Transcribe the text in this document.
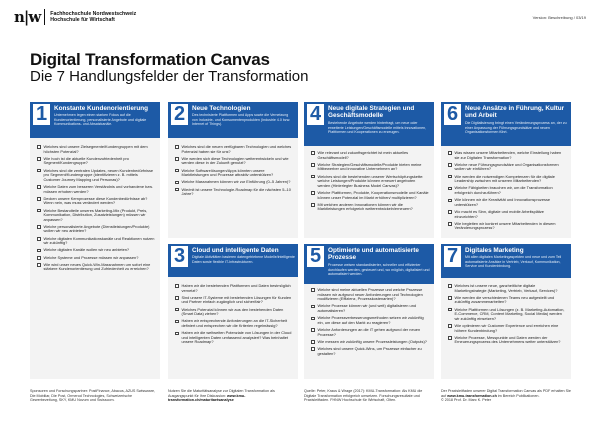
n|w Fachhochschule Nordwestschweiz
Hochschule für Wirtschaft	Version: Beschreibung / 03/19
Digital Transformation Canvas
Die 7 Handlungsfelder der Transformation
1	Konstante Kundenorientierung
Unternehmen legen einen starken Fokus auf die Kundenorientierung, personalisierte Angebote und digitale Kommunikations- und Absatzkanäle.
Welches sind unsere Zielsegmente/Kundengruppen mit dem höchsten Potenzial?
Wie hoch ist die aktuelle Kundenzufriedenheit pro Segment/Kundengruppe?
Welches sind die zentralen Updates, neuen Kundenbedürfnisse pro Segment/Kundengruppe (identifizieren z. B. mittels Customer Journey Mapping und Personas)?
Welche Daten zum besseren Verständnis und vorhandene bzw. müssen erhoben werden?
Decken unsere Kernprozesse diese Kundenbedürfnisse ab? Wenn nein, was muss verändert werden?
Welche Bestandteile unseres Marketing-Mix (Produkt, Preis, Kommunikation, Distribution, Zusatzleistungen) müssen wir anpassen?
Welche personalisierte Angebote (Dienstleistungen/Produkte) wollen wir neu anbieten?
Welche digitalen Kommunikationskanäle und Reaktionen nutzen wir zukünftig?
Welche digitalen Kanäle wollen wir neu anbieten?
Welche Systeme und Prozesse müssen wir anpassen?
Wie wird unser neues Quick-Win-Massnahmen um sofort eine stärkere Kundenorientierung und Zufriedenheit zu erreichen?
2	Neue Technologien
Des technisierte Plattformen und Apps sowie die Vernetzung von Industrie- und Konsumentenprodukten (Industrie 4.0 bzw. Internet of Things).
Welches sind die neuen verfügbaren Technologien und welches Potenzial haben sie für uns?
Wie werden sich diese Technologien weiterentwickeln und wie werden diese in der Zukunft genutzt?
Welche Softwarelösungen/Apps könnten unsere Marktleistungen und Prozesse attraktiv unterstützen?
Welche Massnahmen können wir zur Einführung (0–5 Jahren)?
Wie/mit ist unsere Technologie-Roadmap für die nächsten 5–10 Jahre?
3	Cloud und intelligente Daten
Digitale Aktivitäten basieren datengetriebene Modelle/intelligente Daten sowie flexible IT-Infrastrukturen.
Haben wir die bestehenden Plattformen und Daten bestmöglich vernetzt?
Sind unsere IT-Systeme mit bestehenden Lösungen für Kunden und Partner einfach zugänglich und sicher/fair?
Welches Potenzial können wir aus den bestehenden Daten (Smart Data) ziehen?
Haben wir entsprechende Anforderungen an die IT-Sicherheit definiert und entsprechen wir die Kriterien regelmässig?
Haben wir die weltweiten Potenziale von Lösungen in der Cloud und intelligenten Daten umfassend analysiert? Was beinhaltet unsere Roadmap?
4	Neue digitale Strategien und Geschäftsmodelle
Bestehende Angebote werden hinterfragt, um neue oder erweiterte Leistungen/Geschäftsmodelle mittels Innovationen, Plattformen und Kooperationen zu erzeugen.
Wie relevant und zukunftsgerichtet ist mein aktuelles Geschäftsmodell?
Welche Strategien/Geschäftsmodelle/Produkte bieten meine Mitbewerber und innovative Unternehmen an?
Welches sind die bestehenden unserer Wertschöpfungskette: welche Leistungen/Produkte können erneuert angeboten werden (Hinterlegter Business Model Canvas)?
Welche Plattformen, Produkte, Kooperationsmodelle und Kanäle können unser Potenzial im Markt erhöhen/ multiplizieren?
Mit welchen anderen Innovationen können wir die Marktleistungen erfolgreich weiterentwickeln/erneuern?
5	Optimierte und automatisierte Prozesse
Prozesse weisen standardisierter, schneller und effizienter durchlaufen werden, gesteuert und, wo möglich, digitalisiert und automatisiert werden.
Welche sind meine aktuellen Prozesse und welche Prozesse müssen wir aufgrund neuer Anforderungen und Technologien modifizieren (Effizienz, Prozesskostenarten)?
Welche Prozesse können wir (und weit) digitalisieren und automatisieren?
Welche Prozessverbesserungsmethoden setzen wir zukünftig ein, um diese auf den Markt zu reagieren?
Welche Anforderungen an die IT gehen aufgrund der neuen Prozesse?
Wie messen wir zukünftig unsere Prozessleistungen (Outputs)?
Welches sind unsere Quick-Wins, um Prozesse einfacher zu gestalten?
6	Neue Ansätze in Führung, Kultur und Arbeit
Die Digitalisierung bringt einen Veränderungsprozess an, der zu einer Anpassung der Führungsgrundsätze und neuen Organisationsformen führt.
Was wissen unsere Mitarbeitenden, welche Einstellung haben sie zur Digitalen Transformation?
Welche neue Führungsgrundsätze und Organisationsformen wollen wir einführen?
Wie werden die notwendigen Kompetenzen für die digitale Leadership zwischen mit unseren Mitarbeitenden?
Welche Fähigkeiten brauchen wir, um die Transformation erfolgreich durchzuführen?
Wie können wir die Kreativität und Innovationsprozesse unterstützen?
Wo macht es Sinn, digitale und mobile Arbeitsplätze einzurichten?
Wie begleiten wir konkret unsere Mitarbeitenden in diesem Veränderungsprozess?
7	Digitales Marketing
Mit allen digitalen Marketingaspekten und neue und zum Teil automatisierte Ansätze in Vertrieb, Verkauf, Kommunikation, Service und Kundenbindung.
Welches ist unsere neue, ganzheitliche digitale Marketingstrategie (Marketing, Vertrieb, Verkauf, Services)?
Wie werden die verschiedenen Teams neu aufgestellt und zukünftig zusammenarbeiten?
Welche Plattformen und Lösungen (z. B. Marketing-Automation, E-Commerce, CRM, Content Marketing, Social Media) werden wir zukünftig einsetzen?
Wie optimieren wir Customer Experience und erreichen eine höhere Kundenbindung?
Welche Prozesse, Messpunkte und Daten werden der Erneuerungsprozess des Unternehmens weiter unterstützen?
Sponsoren und Forschungspartner: PostFinance, Abacus, AZUS Swissware, Die Mobiliar, Die Post, Ormerod Technologies, Schweizerische Gewerbezeitung, SKY, KMU Novum und Swisscom.
Nutzen Sie die Maturitätsanalyse zur Digitalen Transformation als Ausgangspunkt für Ihre Diskussion: www.kmu-transformation.ch/maturitaetsanalyse
Quelle: Peter, Kraus & Wrage (2017): KMU-Transformation: Als KMU die Digitale Transformation erfolgreich umsetzen. Forschungsresultate und Praxisleitfaden. FHNW Hochschule für Wirtschaft, Olten.
Der Praxisleitfaden unserer Digital Transformation Canvas als PDF erhalten Sie auf www.kmu-transformation.ch im Bereich Publikationen.
© 2018 Prof. Dr. Marc K. Peter
